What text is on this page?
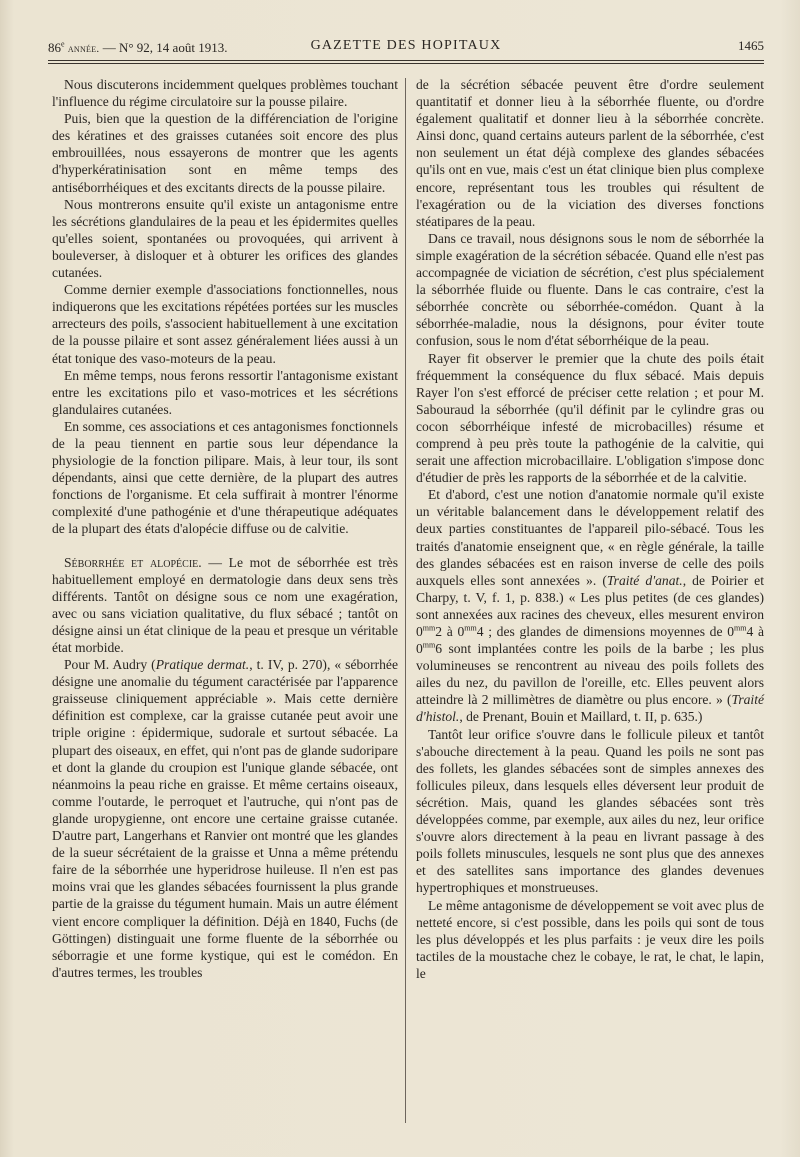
86e année. — N° 92, 14 août 1913.	GAZETTE DES HOPITAUX	1465

Nous discuterons incidemment quelques problèmes touchant l'influence du régime circulatoire sur la pousse pilaire.

Puis, bien que la question de la différenciation de l'origine des kératines et des graisses cutanées soit encore des plus embrouillées, nous essayerons de montrer que les agents d'hyperkératinisation sont en même temps des antiséborrhéiques et des excitants directs de la pousse pilaire.

Nous montrerons ensuite qu'il existe un antagonisme entre les sécrétions glandulaires de la peau et les épidermites quelles qu'elles soient, spontanées ou provoquées, qui arrivent à bouleverser, à disloquer et à obturer les orifices des glandes cutanées.

Comme dernier exemple d'associations fonctionnelles, nous indiquerons que les excitations répétées portées sur les muscles arrecteurs des poils, s'associent habituellement à une excitation de la pousse pilaire et sont assez généralement liées aussi à un état tonique des vaso-moteurs de la peau.

En même temps, nous ferons ressortir l'antagonisme existant entre les excitations pilo et vaso-motrices et les sécrétions glandulaires cutanées.

En somme, ces associations et ces antagonismes fonctionnels de la peau tiennent en partie sous leur dépendance la physiologie de la fonction pilipare. Mais, à leur tour, ils sont dépendants, ainsi que cette dernière, de la plupart des autres fonctions de l'organisme. Et cela suffirait à montrer l'énorme complexité d'une pathogénie et d'une thérapeutique adéquates de la plupart des états d'alopécie diffuse ou de calvitie.

Séborrhée et alopécie. — Le mot de séborrhée est très habituellement employé en dermatologie dans deux sens très différents. Tantôt on désigne sous ce nom une exagération, avec ou sans viciation qualitative, du flux sébacé ; tantôt on désigne ainsi un état clinique de la peau et presque un véritable état morbide.

Pour M. Audry (Pratique dermat., t. IV, p. 270), « séborrhée désigne une anomalie du tégument caractérisée par l'apparence graisseuse cliniquement appréciable ». Mais cette dernière définition est complexe, car la graisse cutanée peut avoir une triple origine : épidermique, sudorale et surtout sébacée. La plupart des oiseaux, en effet, qui n'ont pas de glande sudoripare et dont la glande du croupion est l'unique glande sébacée, ont néanmoins la peau riche en graisse. Et même certains oiseaux, comme l'outarde, le perroquet et l'autruche, qui n'ont pas de glande uropygienne, ont encore une certaine graisse cutanée. D'autre part, Langerhans et Ranvier ont montré que les glandes de la sueur sécrétaient de la graisse et Unna a même prétendu faire de la séborrhée une hyperidrose huileuse. Il n'en est pas moins vrai que les glandes sébacées fournissent la plus grande partie de la graisse du tégument humain. Mais un autre élément vient encore compliquer la définition. Déjà en 1840, Fuchs (de Göttingen) distinguait une forme fluente de la séborrhée ou séborragie et une forme kystique, qui est le comédon. En d'autres termes, les troubles

de la sécrétion sébacée peuvent être d'ordre seulement quantitatif et donner lieu à la séborrhée fluente, ou d'ordre également qualitatif et donner lieu à la séborrhée concrète. Ainsi donc, quand certains auteurs parlent de la séborrhée, c'est non seulement un état déjà complexe des glandes sébacées qu'ils ont en vue, mais c'est un état clinique bien plus complexe encore, représentant tous les troubles qui résultent de l'exagération ou de la viciation des diverses fonctions stéatipares de la peau.

Dans ce travail, nous désignons sous le nom de séborrhée la simple exagération de la sécrétion sébacée. Quand elle n'est pas accompagnée de viciation de sécrétion, c'est plus spécialement la séborrhée fluide ou fluente. Dans le cas contraire, c'est la séborrhée concrète ou séborrhée-comédon. Quant à la séborrhée-maladie, nous la désignons, pour éviter toute confusion, sous le nom d'état séborrhéique de la peau.

Rayer fit observer le premier que la chute des poils était fréquemment la conséquence du flux sébacé. Mais depuis Rayer l'on s'est efforcé de préciser cette relation ; et pour M. Sabouraud la séborrhée (qu'il définit par le cylindre gras ou cocon séborrhéique infesté de microbacilles) résume et comprend à peu près toute la pathogénie de la calvitie, qui serait une affection microbacillaire. L'obligation s'impose donc d'étudier de près les rapports de la séborrhée et de la calvitie.

Et d'abord, c'est une notion d'anatomie normale qu'il existe un véritable balancement dans le développement relatif des deux parties constituantes de l'appareil pilo-sébacé. Tous les traités d'anatomie enseignent que, « en règle générale, la taille des glandes sébacées est en raison inverse de celle des poils auxquels elles sont annexées ». (Traité d'anat., de Poirier et Charpy, t. V, f. 1, p. 838.) « Les plus petites (de ces glandes) sont annexées aux racines des cheveux, elles mesurent environ $0^{mm}2$ à $0^{mm}4$ ; des glandes de dimensions moyennes de $0^{mm}4$ à $0^{mm}6$ sont implantées contre les poils de la barbe ; les plus volumineuses se rencontrent au niveau des poils follets des ailes du nez, du pavillon de l'oreille, etc. Elles peuvent alors atteindre là 2 millimètres de diamètre ou plus encore. » (Traité d'histol., de Prenant, Bouin et Maillard, t. II, p. 635.)

Tantôt leur orifice s'ouvre dans le follicule pileux et tantôt s'abouche directement à la peau. Quand les poils ne sont pas des follets, les glandes sébacées sont de simples annexes des follicules pileux, dans lesquels elles déversent leur produit de sécrétion. Mais, quand les glandes sébacées sont très développées comme, par exemple, aux ailes du nez, leur orifice s'ouvre alors directement à la peau en livrant passage à des poils follets minuscules, lesquels ne sont plus que des annexes et des satellites sans importance des glandes devenues hypertrophiques et monstrueuses.

Le même antagonisme de développement se voit avec plus de netteté encore, si c'est possible, dans les poils qui sont de tous les plus développés et les plus parfaits : je veux dire les poils tactiles de la moustache chez le cobaye, le rat, le chat, le lapin, le
